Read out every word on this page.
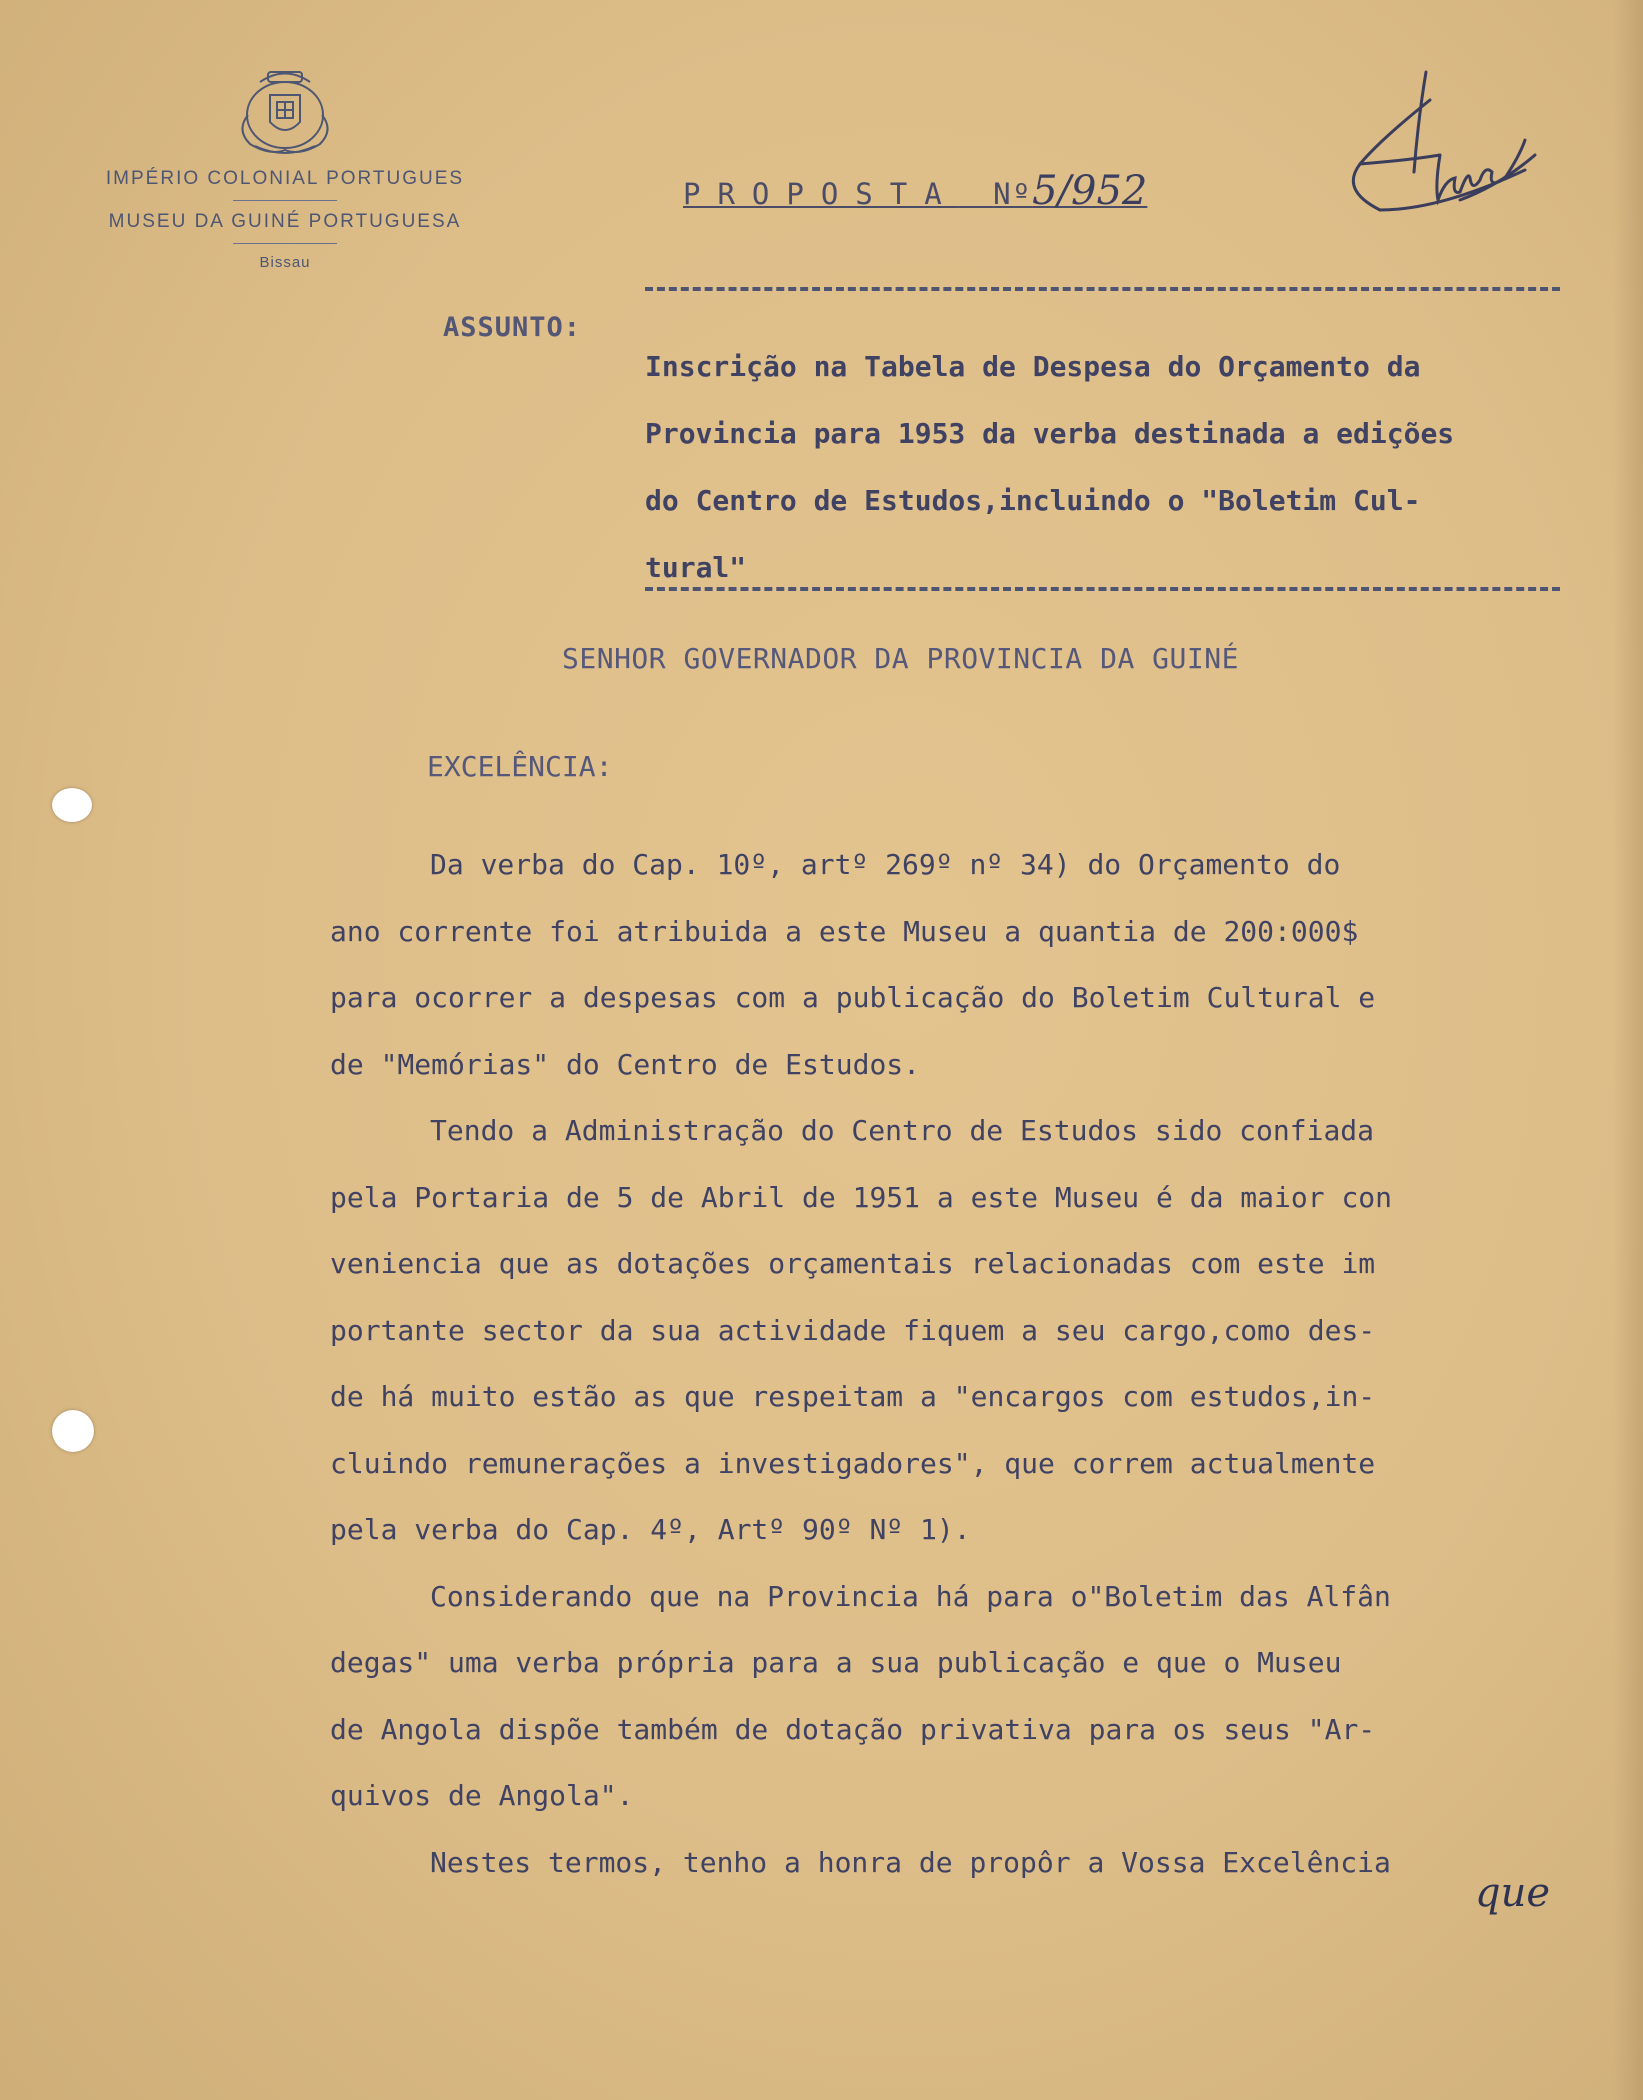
IMPÉRIO COLONIAL PORTUGUES

MUSEU DA GUINÉ PORTUGUESA

Bissau

PROPOSTA Nº5/952
ASSUNTO:
Inscrição na Tabela de Despesa do Orçamento da
Provincia para 1953 da verba destinada a edições
do Centro de Estudos,incluindo o "Boletim Cul-
tural"
SENHOR GOVERNADOR DA PROVINCIA DA GUINÉ
EXCELÊNCIA:
Da verba do Cap. 10º, artº 269º nº 34) do Orçamento do
ano corrente foi atribuida a este Museu a quantia de 200:000$
para ocorrer a despesas com a publicação do Boletim Cultural e
de "Memórias" do Centro de Estudos.
Tendo a Administração do Centro de Estudos sido confiada
pela Portaria de 5 de Abril de 1951 a este Museu é da maior con
veniencia que as dotações orçamentais relacionadas com este im
portante sector da sua actividade fiquem a seu cargo,como des-
de há muito estão as que respeitam a "encargos com estudos,in-
cluindo remunerações a investigadores", que correm actualmente
pela verba do Cap. 4º, Artº 90º Nº 1).
Considerando que na Provincia há para o"Boletim das Alfân
degas" uma verba própria para a sua publicação e que o Museu
de Angola dispõe também de dotação privativa para os seus "Ar-
quivos de Angola".
Nestes termos, tenho a honra de propôr a Vossa Excelência
que
